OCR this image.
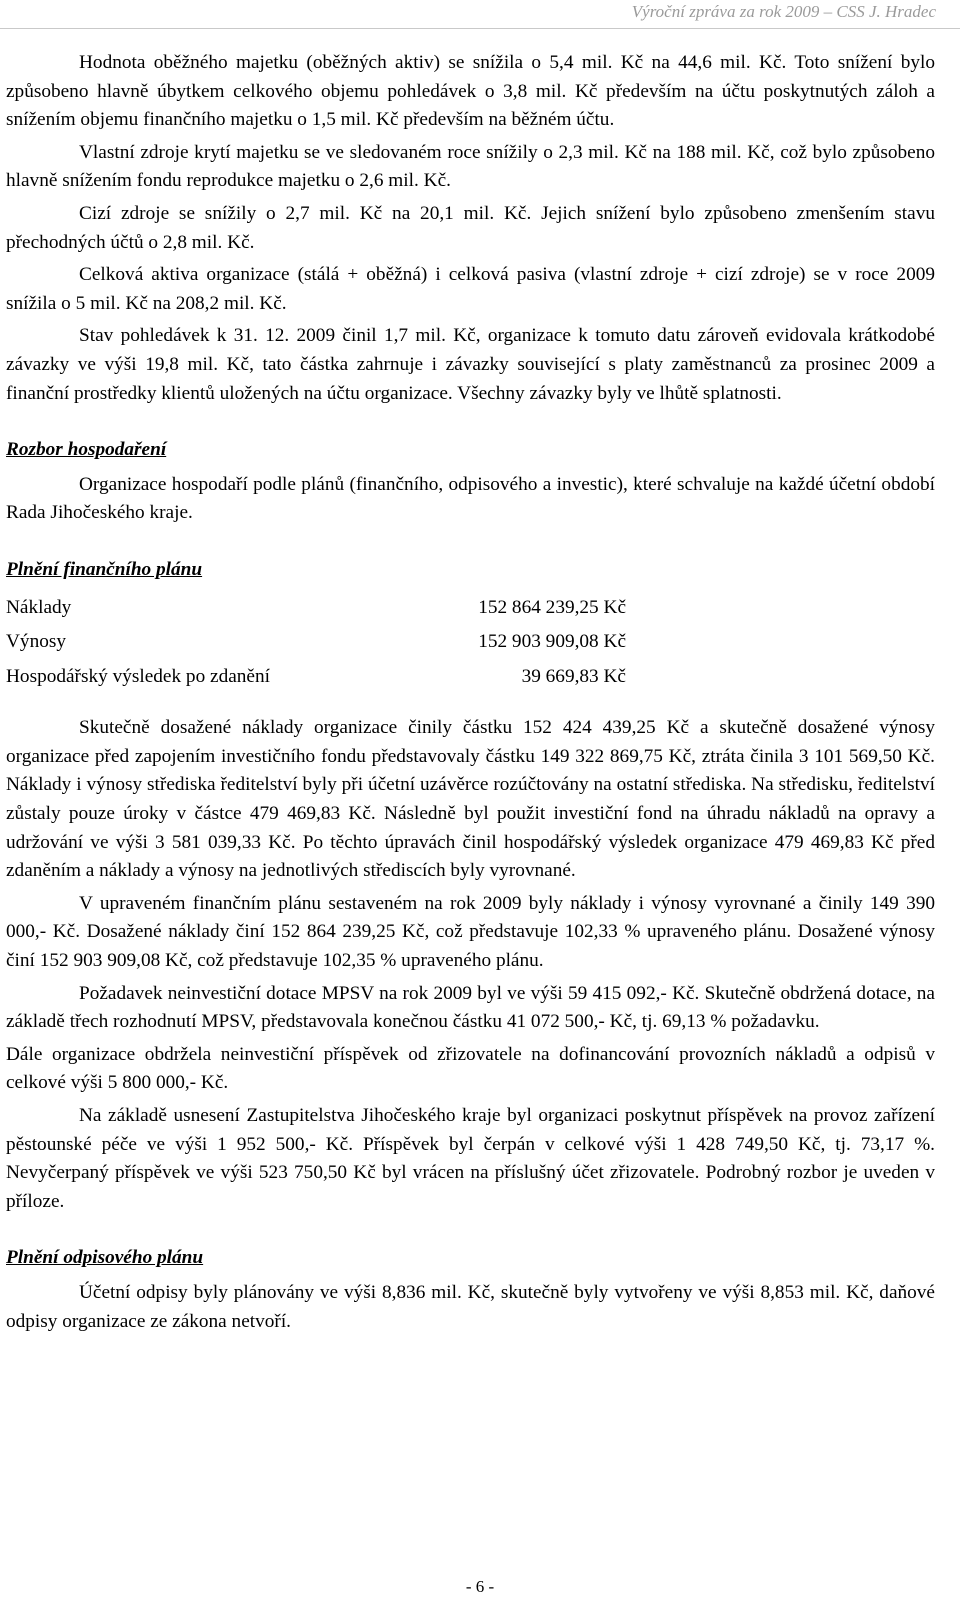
Výroční zpráva za rok 2009 – CSS J. Hradec

Hodnota oběžného majetku (oběžných aktiv) se snížila o 5,4 mil. Kč na 44,6 mil. Kč. Toto snížení bylo způsobeno hlavně úbytkem celkového objemu pohledávek o 3,8 mil. Kč především na účtu poskytnutých záloh a snížením objemu finančního majetku o 1,5 mil. Kč především na běžném účtu.

Vlastní zdroje krytí majetku se ve sledovaném roce snížily o 2,3 mil. Kč na 188 mil. Kč, což bylo způsobeno hlavně snížením fondu reprodukce majetku o 2,6 mil. Kč.

Cizí zdroje se snížily o 2,7 mil. Kč na 20,1 mil. Kč. Jejich snížení bylo způsobeno zmenšením stavu přechodných účtů o 2,8 mil. Kč.

Celková aktiva organizace (stálá + oběžná) i celková pasiva (vlastní zdroje + cizí zdroje) se v roce 2009 snížila o 5 mil. Kč na 208,2 mil. Kč.

Stav pohledávek k 31. 12. 2009 činil 1,7 mil. Kč, organizace k tomuto datu zároveň evidovala krátkodobé závazky ve výši 19,8 mil. Kč, tato částka zahrnuje i závazky související s platy zaměstnanců za prosinec 2009 a finanční prostředky klientů uložených na účtu organizace. Všechny závazky byly ve lhůtě splatnosti.

Rozbor hospodaření

Organizace hospodaří podle plánů (finančního, odpisového a investic), které schvaluje na každé účetní období Rada Jihočeského kraje.

Plnění finančního plánu

Náklady	152 864 239,25 Kč
Výnosy	152 903 909,08 Kč
Hospodářský výsledek po zdanění	39 669,83 Kč

Skutečně dosažené náklady organizace činily částku 152 424 439,25 Kč a skutečně dosažené výnosy organizace před zapojením investičního fondu představovaly částku 149 322 869,75 Kč, ztráta činila 3 101 569,50 Kč. Náklady i výnosy střediska ředitelství byly při účetní uzávěrce rozúčtovány na ostatní střediska. Na středisku, ředitelství zůstaly pouze úroky v částce 479 469,83 Kč. Následně byl použit investiční fond na úhradu nákladů na opravy a udržování ve výši 3 581 039,33 Kč. Po těchto úpravách činil hospodářský výsledek organizace 479 469,83 Kč před zdaněním a náklady a výnosy na jednotlivých střediscích byly vyrovnané.

V upraveném finančním plánu sestaveném na rok 2009 byly náklady i výnosy vyrovnané a činily 149 390 000,- Kč. Dosažené náklady činí 152 864 239,25 Kč, což představuje 102,33 % upraveného plánu. Dosažené výnosy činí 152 903 909,08 Kč, což představuje 102,35 % upraveného plánu.

Požadavek neinvestiční dotace MPSV na rok 2009 byl ve výši 59 415 092,- Kč. Skutečně obdržená dotace, na základě třech rozhodnutí MPSV, představovala konečnou částku 41 072 500,- Kč, tj. 69,13 % požadavku.

Dále organizace obdržela neinvestiční příspěvek od zřizovatele na dofinancování provozních nákladů a odpisů v celkové výši 5 800 000,- Kč.

Na základě usnesení Zastupitelstva Jihočeského kraje byl organizaci poskytnut příspěvek na provoz zařízení pěstounské péče ve výši 1 952 500,- Kč. Příspěvek byl čerpán v celkové výši 1 428 749,50 Kč, tj. 73,17 %. Nevyčerpaný příspěvek ve výši 523 750,50 Kč byl vrácen na příslušný účet zřizovatele. Podrobný rozbor je uveden v příloze.

Plnění odpisového plánu

Účetní odpisy byly plánovány ve výši 8,836 mil. Kč, skutečně byly vytvořeny ve výši 8,853 mil. Kč, daňové odpisy organizace ze zákona netvoří.

- 6 -
